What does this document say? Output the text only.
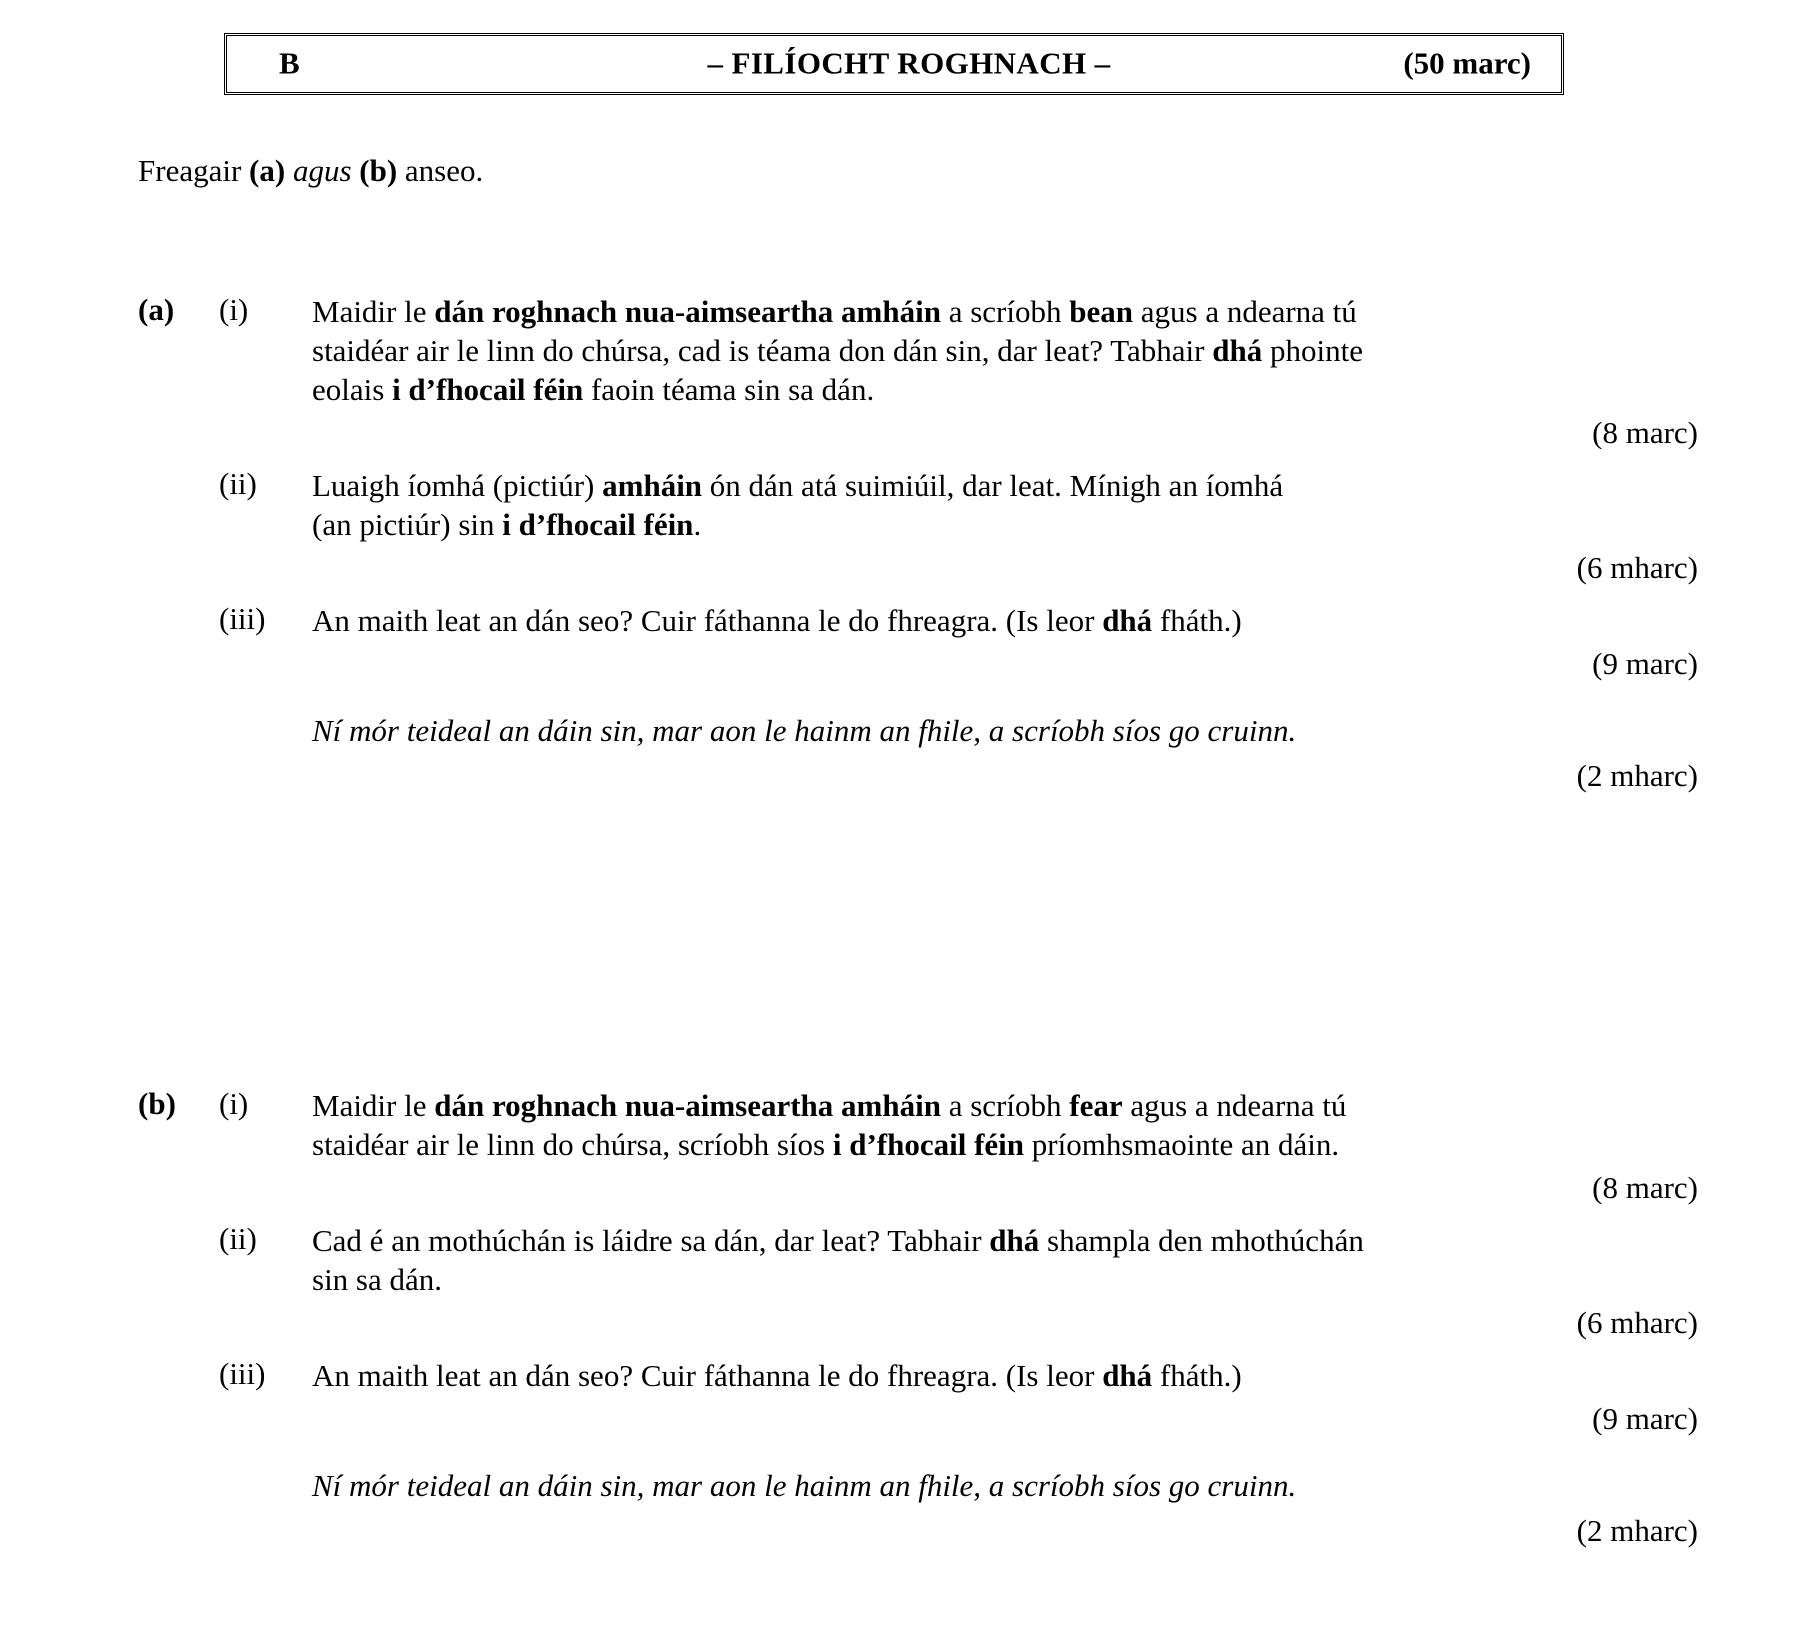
B	– FILÍOCHT ROGHNACH –	(50 marc)
Freagair (a) agus (b) anseo.
(a) (i) Maidir le dán roghnach nua-aimseartha amháin a scríobh bean agus a ndearna tú
staidéar air le linn do chúrsa, cad is téama don dán sin, dar leat? Tabhair dhá phointe
eolais i d’fhocail féin faoin téama sin sa dán.
(8 marc)
(ii) Luaigh íomhá (pictiúr) amháin ón dán atá suimiúil, dar leat. Mínigh an íomhá
(an pictiúr) sin i d’fhocail féin.
(6 mharc)
(iii) An maith leat an dán seo? Cuir fáthanna le do fhreagra. (Is leor dhá fháth.)
(9 marc)
Ní mór teideal an dáin sin, mar aon le hainm an fhile, a scríobh síos go cruinn.
(2 mharc)
(b) (i) Maidir le dán roghnach nua-aimseartha amháin a scríobh fear agus a ndearna tú
staidéar air le linn do chúrsa, scríobh síos i d’fhocail féin príomhsmaointe an dáin.
(8 marc)
(ii) Cad é an mothúchán is láidre sa dán, dar leat? Tabhair dhá shampla den mhothúchán
sin sa dán.
(6 mharc)
(iii) An maith leat an dán seo? Cuir fáthanna le do fhreagra. (Is leor dhá fháth.)
(9 marc)
Ní mór teideal an dáin sin, mar aon le hainm an fhile, a scríobh síos go cruinn.
(2 mharc)
